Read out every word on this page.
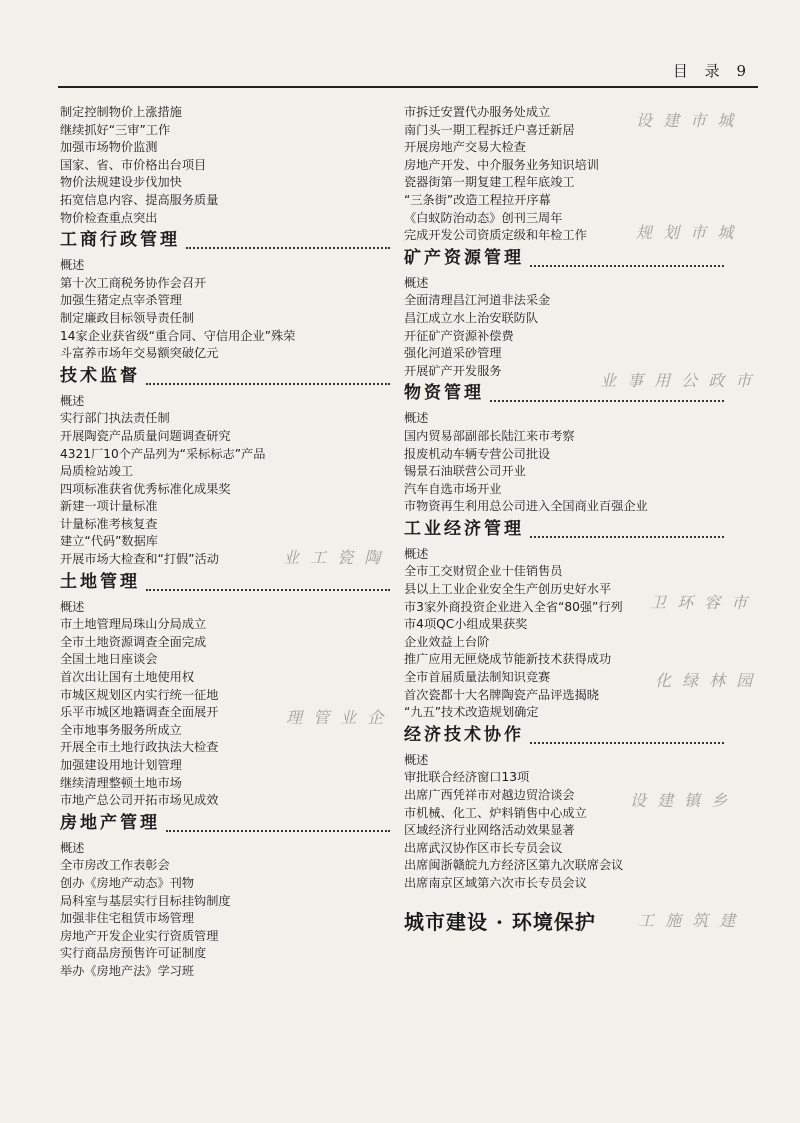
目 录 9
设 建 市 城
规 划 市 城
业 事 用 公 政 市
业 工 瓷 陶
卫 环 容 市
化 绿 林 园
理 管 业 企
设 建 镇 乡
工 施 筑 建
制定控制物价上涨措施
继续抓好“三审”工作
加强市场物价监测
国家、省、市价格出台项目
物价法规建设步伐加快
拓宽信息内容、提高服务质量
物价检查重点突出
工商行政管理
概述
第十次工商税务协作会召开
加强生猪定点宰杀管理
制定廉政目标领导责任制
14家企业获省级“重合同、守信用企业”殊荣
斗富养市场年交易额突破亿元
技术监督
概述
实行部门执法责任制
开展陶瓷产品质量问题调查研究
4321厂10个产品列为“采标标志”产品
局质检站竣工
四项标准获省优秀标准化成果奖
新建一项计量标准
计量标准考核复查
建立“代码”数据库
开展市场大检查和“打假”活动
土地管理
概述
市土地管理局珠山分局成立
全市土地资源调查全面完成
全国土地日座谈会
首次出让国有土地使用权
市城区规划区内实行统一征地
乐平市城区地籍调查全面展开
全市地事务服务所成立
开展全市土地行政执法大检查
加强建设用地计划管理
继续清理整顿土地市场
市地产总公司开拓市场见成效
房地产管理
概述
全市房改工作表彰会
创办《房地产动态》刊物
局科室与基层实行目标挂钩制度
加强非住宅租赁市场管理
房地产开发企业实行资质管理
实行商品房预售许可证制度
举办《房地产法》学习班
市拆迁安置代办服务处成立
南门头一期工程拆迁户喜迁新居
开展房地产交易大检查
房地产开发、中介服务业务知识培训
瓷器街第一期复建工程年底竣工
“三条街”改造工程拉开序幕
《白蚁防治动态》创刊三周年
完成开发公司资质定级和年检工作
矿产资源管理
概述
全面清理昌江河道非法采金
昌江成立水上治安联防队
开征矿产资源补偿费
强化河道采砂管理
开展矿产开发服务
物资管理
概述
国内贸易部副部长陆江来市考察
报废机动车辆专营公司批设
锡景石油联营公司开业
汽车自选市场开业
市物资再生利用总公司进入全国商业百强企业
工业经济管理
概述
全市工交财贸企业十佳销售员
县以上工业企业安全生产创历史好水平
市3家外商投资企业进入全省“80强”行列
市4项QC小组成果获奖
企业效益上台阶
推广应用无匣烧成节能新技术获得成功
全市首届质量法制知识竞赛
首次瓷都十大名牌陶瓷产品评选揭晓
“九五”技术改造规划确定
经济技术协作
概述
审批联合经济窗口13项
出席广西凭祥市对越边贸洽谈会
市机械、化工、炉料销售中心成立
区域经济行业网络活动效果显著
出席武汉协作区市长专员会议
出席闽浙赣皖九方经济区第九次联席会议
出席南京区域第六次市长专员会议
城市建设 · 环境保护
